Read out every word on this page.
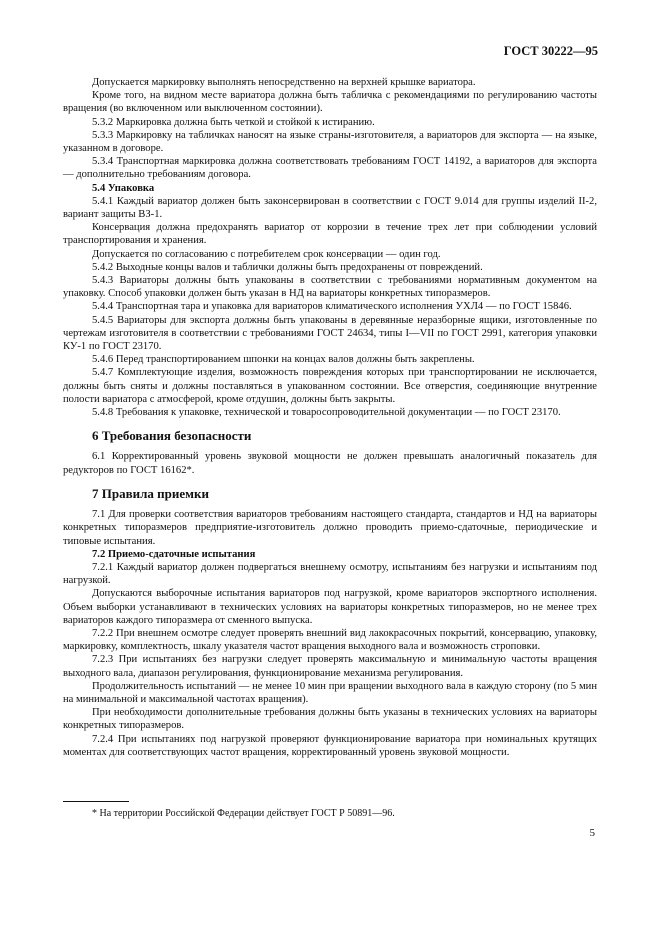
ГОСТ 30222—95

Допускается маркировку выполнять непосредственно на верхней крышке вариатора.

Кроме того, на видном месте вариатора должна быть табличка с рекомендациями по регулированию частоты вращения (во включенном или выключенном состоянии).

5.3.2 Маркировка должна быть четкой и стойкой к истиранию.

5.3.3 Маркировку на табличках наносят на языке страны-изготовителя, а вариаторов для экспорта — на языке, указанном в договоре.

5.3.4 Транспортная маркировка должна соответствовать требованиям ГОСТ 14192, а вариаторов для экспорта — дополнительно требованиям договора.

5.4 Упаковка

5.4.1 Каждый вариатор должен быть законсервирован в соответствии с ГОСТ 9.014 для группы изделий II-2, вариант защиты ВЗ-1.

Консервация должна предохранять вариатор от коррозии в течение трех лет при соблюдении условий транспортирования и хранения.

Допускается по согласованию с потребителем срок консервации — один год.

5.4.2 Выходные концы валов и таблички должны быть предохранены от повреждений.

5.4.3 Вариаторы должны быть упакованы в соответствии с требованиями нормативным документом на упаковку. Способ упаковки должен быть указан в НД на вариаторы конкретных типоразмеров.

5.4.4 Транспортная тара и упаковка для вариаторов климатического исполнения УХЛ4 — по ГОСТ 15846.

5.4.5 Вариаторы для экспорта должны быть упакованы в деревянные неразборные ящики, изготовленные по чертежам изготовителя в соответствии с требованиями ГОСТ 24634, типы I—VII по ГОСТ 2991, категория упаковки КУ-1 по ГОСТ 23170.

5.4.6 Перед транспортированием шпонки на концах валов должны быть закреплены.

5.4.7 Комплектующие изделия, возможность повреждения которых при транспортировании не исключается, должны быть сняты и должны поставляться в упакованном состоянии. Все отверстия, соединяющие внутренние полости вариатора с атмосферой, кроме отдушин, должны быть закрыты.

5.4.8 Требования к упаковке, технической и товаросопроводительной документации — по ГОСТ 23170.

6 Требования безопасности

6.1 Корректированный уровень звуковой мощности не должен превышать аналогичный показатель для редукторов по ГОСТ 16162*.

7 Правила приемки

7.1 Для проверки соответствия вариаторов требованиям настоящего стандарта, стандартов и НД на вариаторы конкретных типоразмеров предприятие-изготовитель должно проводить приемо-сдаточные, периодические и типовые испытания.

7.2 Приемо-сдаточные испытания

7.2.1 Каждый вариатор должен подвергаться внешнему осмотру, испытаниям без нагрузки и испытаниям под нагрузкой.

Допускаются выборочные испытания вариаторов под нагрузкой, кроме вариаторов экспортного исполнения. Объем выборки устанавливают в технических условиях на вариаторы конкретных типоразмеров, но не менее трех вариаторов каждого типоразмера от сменного выпуска.

7.2.2 При внешнем осмотре следует проверять внешний вид лакокрасочных покрытий, консервацию, упаковку, маркировку, комплектность, шкалу указателя частот вращения выходного вала и возможность строповки.

7.2.3 При испытаниях без нагрузки следует проверять максимальную и минимальную частоты вращения выходного вала, диапазон регулирования, функционирование механизма регулирования.

Продолжительность испытаний — не менее 10 мин при вращении выходного вала в каждую сторону (по 5 мин на минимальной и максимальной частотах вращения).

При необходимости дополнительные требования должны быть указаны в технических условиях на вариаторы конкретных типоразмеров.

7.2.4 При испытаниях под нагрузкой проверяют функционирование вариатора при номинальных крутящих моментах для соответствующих частот вращения, корректированный уровень звуковой мощности.

* На территории Российской Федерации действует ГОСТ Р 50891—96.
5
